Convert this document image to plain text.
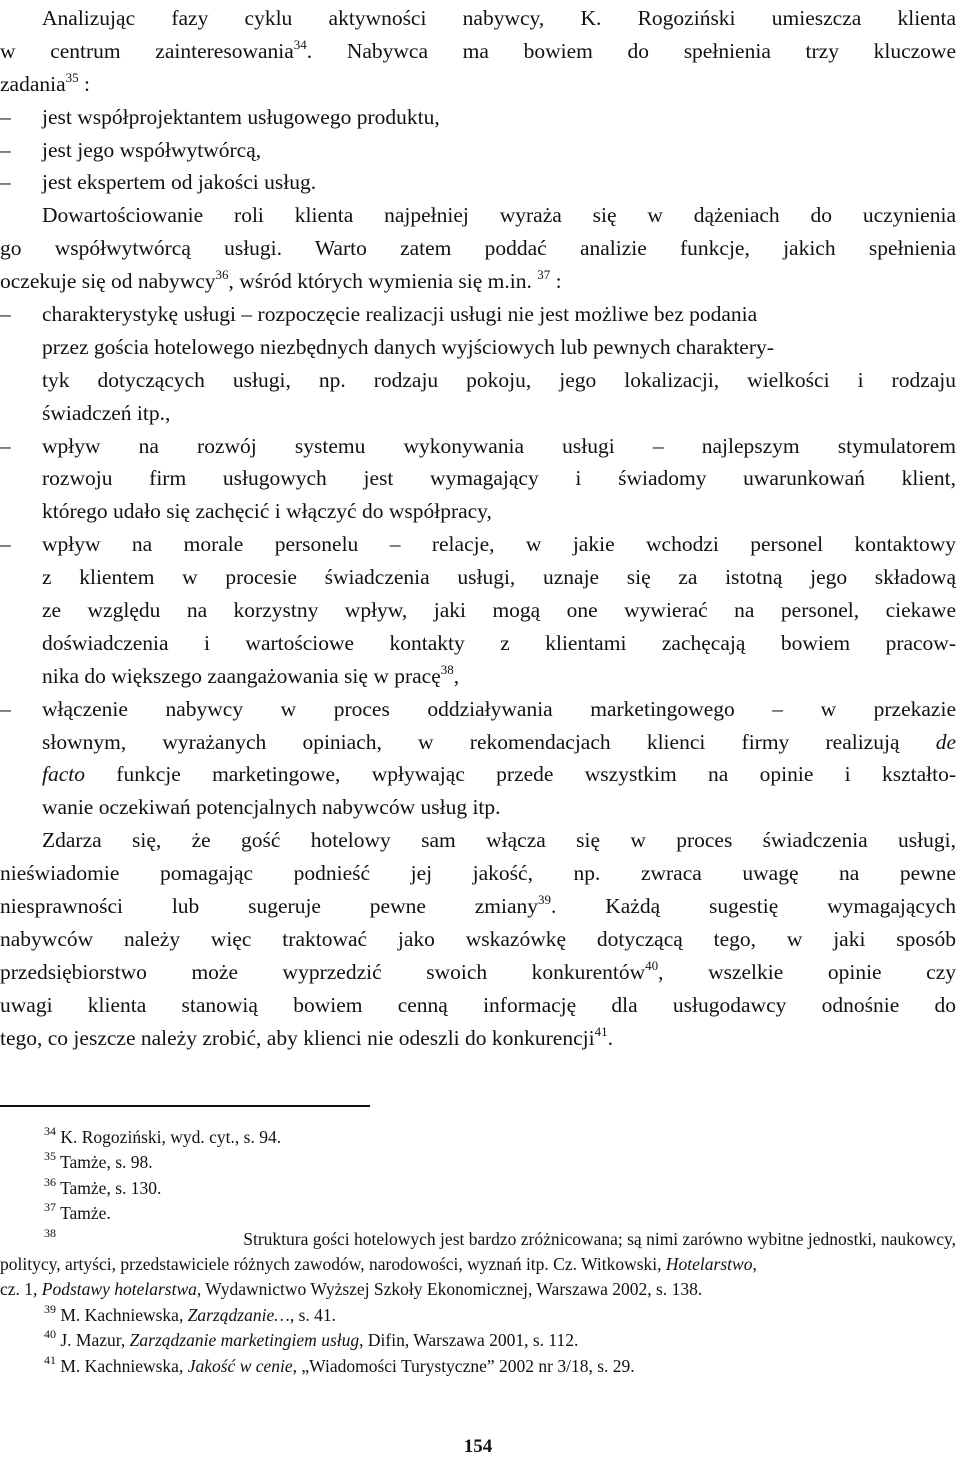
Analizując fazy cyklu aktywności nabywcy, K. Rogoziński umieszcza klienta
w centrum zainteresowania$^{34}$. Nabywca ma bowiem do spełnienia trzy kluczowe
zadania$^{35}$ :
– jest współprojektantem usługowego produktu,
– jest jego współwytwórcą,
– jest ekspertem od jakości usług.
Dowartościowanie roli klienta najpełniej wyraża się w dążeniach do uczynienia
go współwytwórcą usługi. Warto zatem poddać analizie funkcje, jakich spełnienia
oczekuje się od nabywcy$^{36}$, wśród których wymienia się m.in. $^{37}$ :
– charakterystykę usługi – rozpoczęcie realizacji usługi nie jest możliwe bez podania
przez gościa hotelowego niezbędnych danych wyjściowych lub pewnych charaktery-
tyk dotyczących usługi, np. rodzaju pokoju, jego lokalizacji, wielkości i rodzaju
świadczeń itp.,
– wpływ na rozwój systemu wykonywania usługi – najlepszym stymulatorem
rozwoju firm usługowych jest wymagający i świadomy uwarunkowań klient,
którego udało się zachęcić i włączyć do współpracy,
– wpływ na morale personelu – relacje, w jakie wchodzi personel kontaktowy
z klientem w procesie świadczenia usługi, uznaje się za istotną jego składową
ze względu na korzystny wpływ, jaki mogą one wywierać na personel, ciekawe
doświadczenia i wartościowe kontakty z klientami zachęcają bowiem pracow-
nika do większego zaangażowania się w pracę$^{38}$,
– włączenie nabywcy w proces oddziaływania marketingowego – w przekazie
słownym, wyrażanych opiniach, w rekomendacjach klienci firmy realizują de
facto funkcje marketingowe, wpływając przede wszystkim na opinie i kształto-
wanie oczekiwań potencjalnych nabywców usług itp.
Zdarza się, że gość hotelowy sam włącza się w proces świadczenia usługi,
nieświadomie pomagając podnieść jej jakość, np. zwraca uwagę na pewne
niesprawności lub sugeruje pewne zmiany$^{39}$. Każdą sugestię wymagających
nabywców należy więc traktować jako wskazówkę dotyczącą tego, w jaki sposób
przedsiębiorstwo może wyprzedzić swoich konkurentów$^{40}$, wszelkie opinie czy
uwagi klienta stanowią bowiem cenną informację dla usługodawcy odnośnie do
tego, co jeszcze należy zrobić, aby klienci nie odeszli do konkurencji$^{41}$.
$^{34}$ K. Rogoziński, wyd. cyt., s. 94.
$^{35}$ Tamże, s. 98.
$^{36}$ Tamże, s. 130.
$^{37}$ Tamże.
$^{38}$	Struktura gości hotelowych jest bardzo zróżnicowana; są nimi zarówno wybitne jednostki, naukowcy,
politycy, artyści, przedstawiciele różnych zawodów, narodowości, wyznań itp. Cz. Witkowski, Hotelarstwo,
cz. 1, Podstawy hotelarstwa, Wydawnictwo Wyższej Szkoły Ekonomicznej, Warszawa 2002, s. 138.
$^{39}$ M. Kachniewska, Zarządzanie…, s. 41.
$^{40}$ J. Mazur, Zarządzanie marketingiem usług, Difin, Warszawa 2001, s. 112.
$^{41}$ M. Kachniewska, Jakość w cenie, „Wiadomości Turystyczne” 2002 nr 3/18, s. 29.
154
